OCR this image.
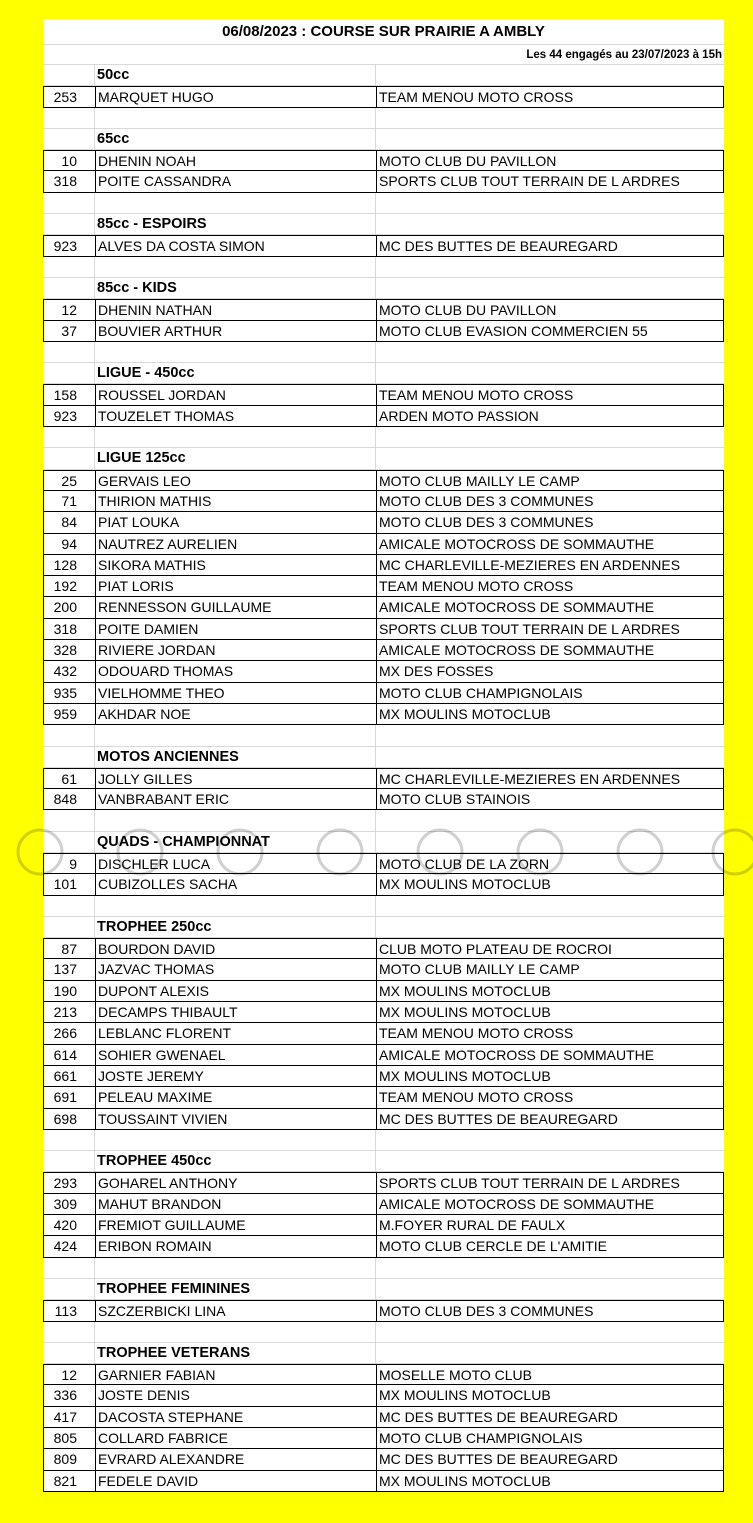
06/08/2023 : COURSE SUR PRAIRIE A AMBLY
Les 44 engagés au 23/07/2023 à 15h
50cc
253	MARQUET HUGO	TEAM MENOU MOTO CROSS
65cc
10	DHENIN NOAH	MOTO CLUB DU PAVILLON
318	POITE CASSANDRA	SPORTS CLUB TOUT TERRAIN DE L ARDRES
85cc - ESPOIRS
923	ALVES DA COSTA SIMON	MC DES BUTTES DE BEAUREGARD
85cc - KIDS
12	DHENIN NATHAN	MOTO CLUB DU PAVILLON
37	BOUVIER ARTHUR	MOTO CLUB EVASION COMMERCIEN 55
LIGUE - 450cc
158	ROUSSEL JORDAN	TEAM MENOU MOTO CROSS
923	TOUZELET THOMAS	ARDEN MOTO PASSION
LIGUE 125cc
25	GERVAIS LEO	MOTO CLUB MAILLY LE CAMP
71	THIRION MATHIS	MOTO CLUB DES 3 COMMUNES
84	PIAT LOUKA	MOTO CLUB DES 3 COMMUNES
94	NAUTREZ AURELIEN	AMICALE MOTOCROSS DE SOMMAUTHE
128	SIKORA MATHIS	MC CHARLEVILLE-MEZIERES EN ARDENNES
192	PIAT LORIS	TEAM MENOU MOTO CROSS
200	RENNESSON GUILLAUME	AMICALE MOTOCROSS DE SOMMAUTHE
318	POITE DAMIEN	SPORTS CLUB TOUT TERRAIN DE L ARDRES
328	RIVIERE JORDAN	AMICALE MOTOCROSS DE SOMMAUTHE
432	ODOUARD THOMAS	MX DES FOSSES
935	VIELHOMME THEO	MOTO CLUB CHAMPIGNOLAIS
959	AKHDAR NOE	MX MOULINS MOTOCLUB
MOTOS ANCIENNES
61	JOLLY GILLES	MC CHARLEVILLE-MEZIERES EN ARDENNES
848	VANBRABANT ERIC	MOTO CLUB STAINOIS
QUADS - CHAMPIONNAT
9	DISCHLER LUCA	MOTO CLUB DE LA ZORN
101	CUBIZOLLES SACHA	MX MOULINS MOTOCLUB
TROPHEE 250cc
87	BOURDON DAVID	CLUB MOTO PLATEAU DE ROCROI
137	JAZVAC THOMAS	MOTO CLUB MAILLY LE CAMP
190	DUPONT ALEXIS	MX MOULINS MOTOCLUB
213	DECAMPS THIBAULT	MX MOULINS MOTOCLUB
266	LEBLANC FLORENT	TEAM MENOU MOTO CROSS
614	SOHIER GWENAEL	AMICALE MOTOCROSS DE SOMMAUTHE
661	JOSTE JEREMY	MX MOULINS MOTOCLUB
691	PELEAU MAXIME	TEAM MENOU MOTO CROSS
698	TOUSSAINT VIVIEN	MC DES BUTTES DE BEAUREGARD
TROPHEE 450cc
293	GOHAREL ANTHONY	SPORTS CLUB TOUT TERRAIN DE L ARDRES
309	MAHUT BRANDON	AMICALE MOTOCROSS DE SOMMAUTHE
420	FREMIOT GUILLAUME	M.FOYER RURAL DE FAULX
424	ERIBON ROMAIN	MOTO CLUB CERCLE DE L'AMITIE
TROPHEE FEMININES
113	SZCZERBICKI LINA	MOTO CLUB DES 3 COMMUNES
TROPHEE VETERANS
12	GARNIER FABIAN	MOSELLE MOTO CLUB
336	JOSTE DENIS	MX MOULINS MOTOCLUB
417	DACOSTA STEPHANE	MC DES BUTTES DE BEAUREGARD
805	COLLARD FABRICE	MOTO CLUB CHAMPIGNOLAIS
809	EVRARD ALEXANDRE	MC DES BUTTES DE BEAUREGARD
821	FEDELE DAVID	MX MOULINS MOTOCLUB
